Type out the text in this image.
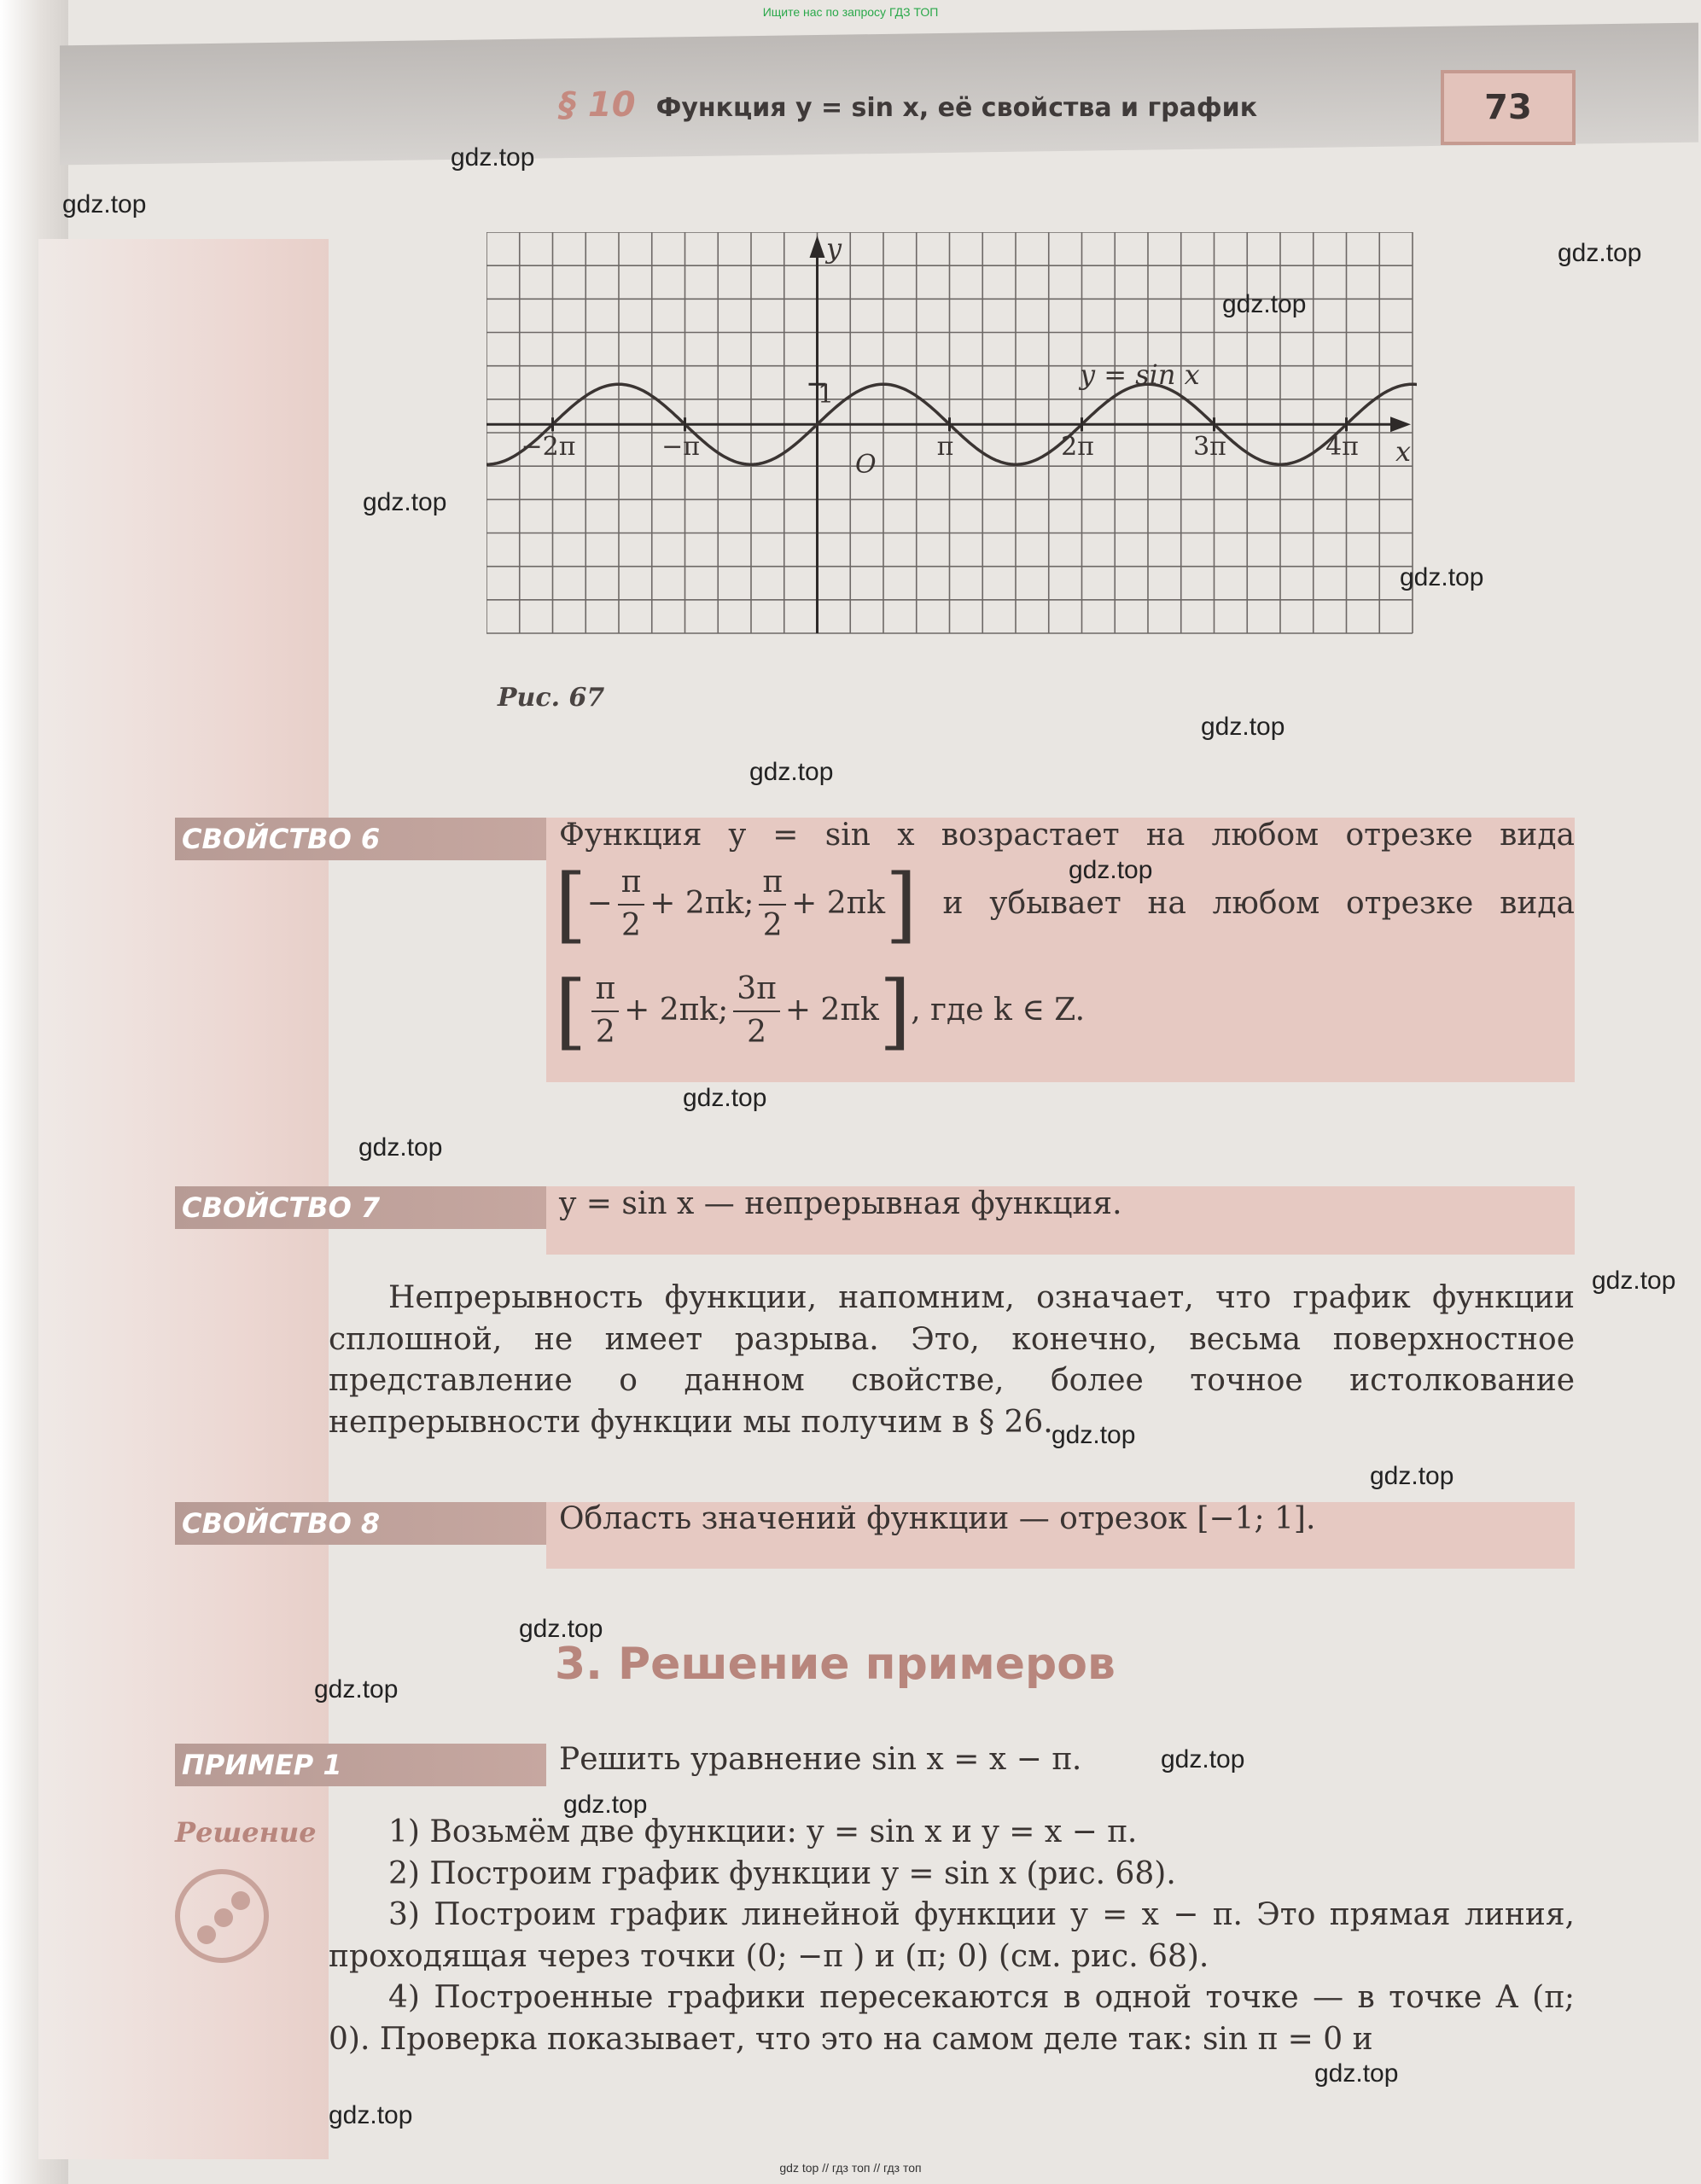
§ 10 Функция y = sin x, её свойства и график	73
Ищите нас по запросу ГДЗ ТОП
x
y
O
1
y = sin x
−2π	−π	π	2π	3π	4π
Рис. 67
СВОЙСТВО 6	Функция y = sin x возрастает на любом отрезке вида
[ − $\frac{\pi}{2} + 2\pi k$; $\frac{\pi}{2} + 2\pi k$ ] и убывает на любом отрезке вида
[ $\frac{\pi}{2} + 2\pi k$; $\frac{3\pi}{2} + 2\pi k$ ] , где k ∈ Z.
СВОЙСТВО 7	y = sin x — непрерывная функция.
Непрерывность функции, напомним, означает, что график функции сплошной, не имеет разрыва. Это, конечно, весьма поверхностное представление о данном свойстве, более точное истолкование непрерывности функции мы получим в § 26.
СВОЙСТВО 8	Область значений функции — отрезок [−1; 1].
3. Решение примеров
ПРИМЕР 1	Решить уравнение sin x = x − π.
Решение	1) Возьмём две функции: y = sin x и y = x − π.
2) Построим график функции y = sin x (рис. 68).
3) Построим график линейной функции y = x − π. Это прямая линия, проходящая через точки (0; −π ) и (π; 0) (см. рис. 68).
4) Построенные графики пересекаются в одной точке — в точке A (π; 0). Проверка показывает, что это на самом деле так: sin π = 0 и
gdz.top
gdz.top
gdz.top
gdz.top
gdz.top
gdz.top
gdz.top
gdz.top
gdz.top
gdz.top
gdz.top
gdz.top
gdz.top
gdz.top
gdz.top
gdz.top
gdz.top
gdz.top
gdz.top
gdz.top
gdz top // гдз топ // гдз топ
